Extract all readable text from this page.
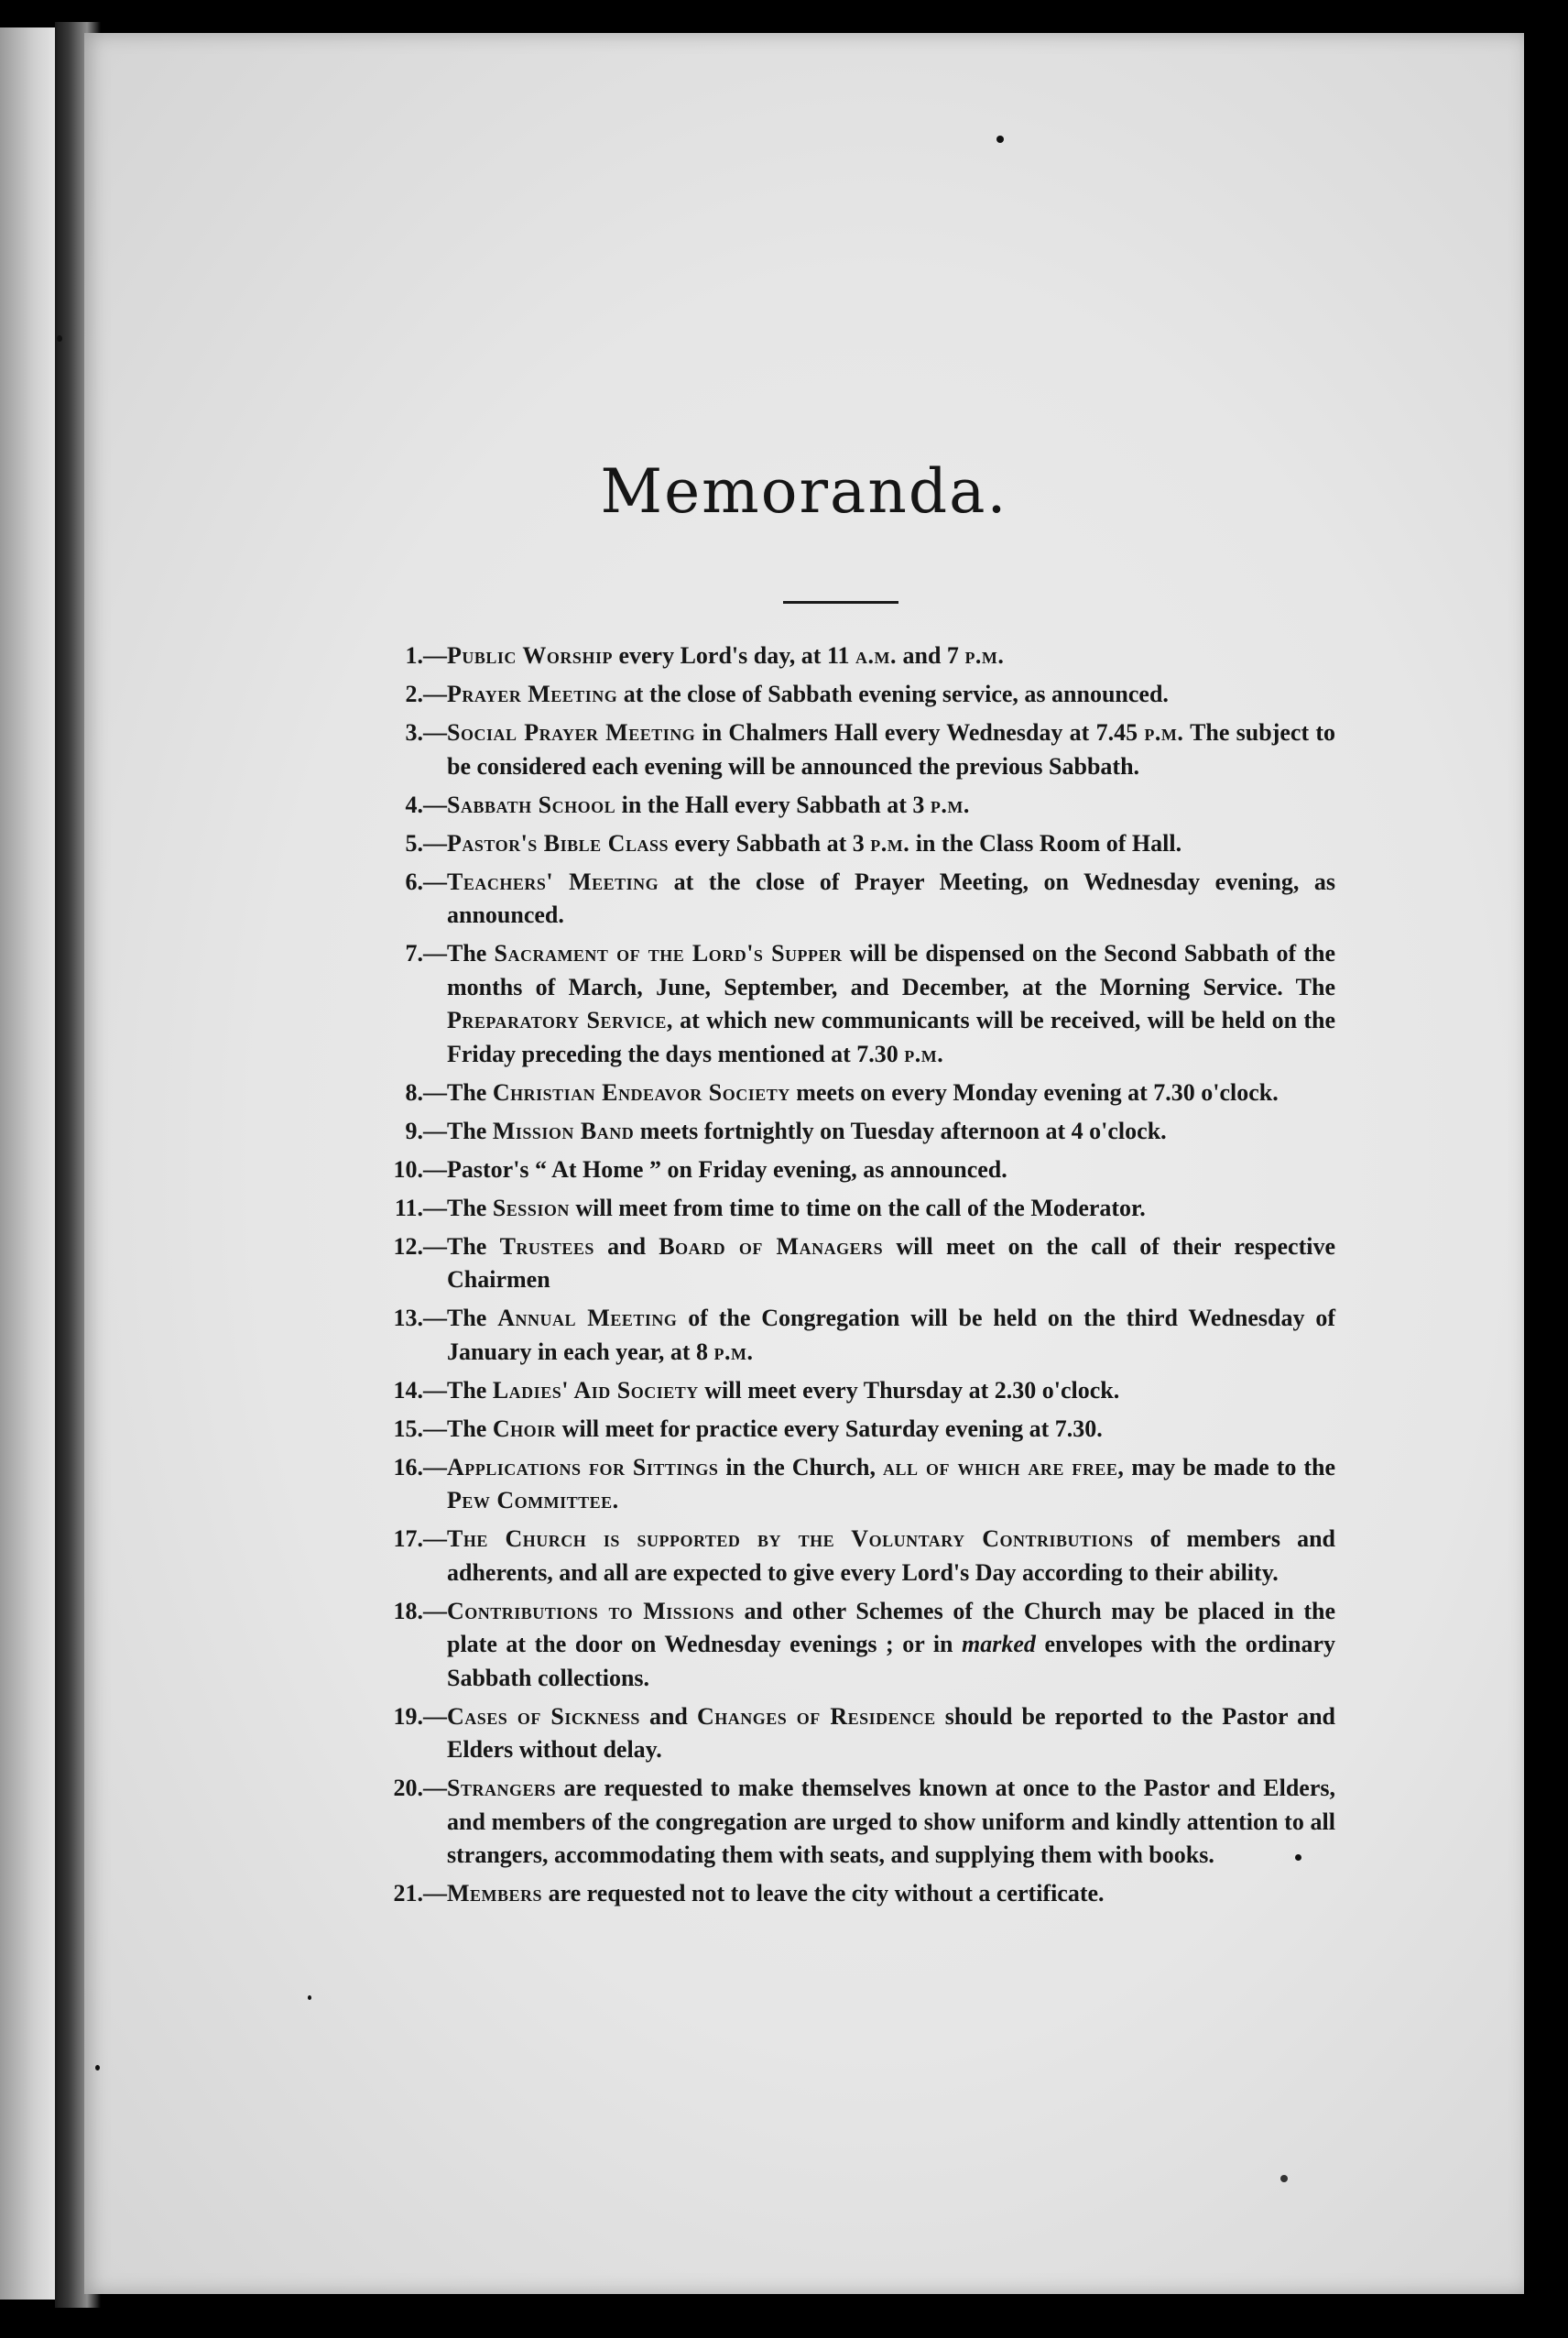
Memoranda.
1. — Public Worship every Lord's day, at 11 a.m. and 7 p.m.
2. — Prayer Meeting at the close of Sabbath evening service, as announced.
3. — Social Prayer Meeting in Chalmers Hall every Wednesday at 7.45 p.m. The subject to be considered each evening will be announced the previous Sabbath.
4. — Sabbath School in the Hall every Sabbath at 3 p.m.
5. — Pastor's Bible Class every Sabbath at 3 p.m. in the Class Room of Hall.
6. — Teachers' Meeting at the close of Prayer Meeting, on Wednesday evening, as announced.
7. — The Sacrament of the Lord's Supper will be dispensed on the Second Sabbath of the months of March, June, September, and December, at the Morning Service. The Preparatory Service, at which new communicants will be received, will be held on the Friday preceding the days mentioned at 7.30 p.m.
8. — The Christian Endeavor Society meets on every Monday evening at 7.30 o'clock.
9. — The Mission Band meets fortnightly on Tuesday afternoon at 4 o'clock.
10. — Pastor's “ At Home ” on Friday evening, as announced.
11. — The Session will meet from time to time on the call of the Moderator.
12. — The Trustees and Board of Managers will meet on the call of their respective Chairmen
13. — The Annual Meeting of the Congregation will be held on the third Wednesday of January in each year, at 8 p.m.
14. — The Ladies' Aid Society will meet every Thursday at 2.30 o'clock.
15. — The Choir will meet for practice every Saturday evening at 7.30.
16. — Applications for Sittings in the Church, all of which are free, may be made to the Pew Committee.
17. — The Church is supported by the Voluntary Contributions of members and adherents, and all are expected to give every Lord's Day according to their ability.
18. — Contributions to Missions and other Schemes of the Church may be placed in the plate at the door on Wednesday evenings ; or in marked envelopes with the ordinary Sabbath collections.
19. — Cases of Sickness and Changes of Residence should be reported to the Pastor and Elders without delay.
20. — Strangers are requested to make themselves known at once to the Pastor and Elders, and members of the congregation are urged to show uniform and kindly attention to all strangers, accommodating them with seats, and supplying them with books.
21. — Members are requested not to leave the city without a certificate.
